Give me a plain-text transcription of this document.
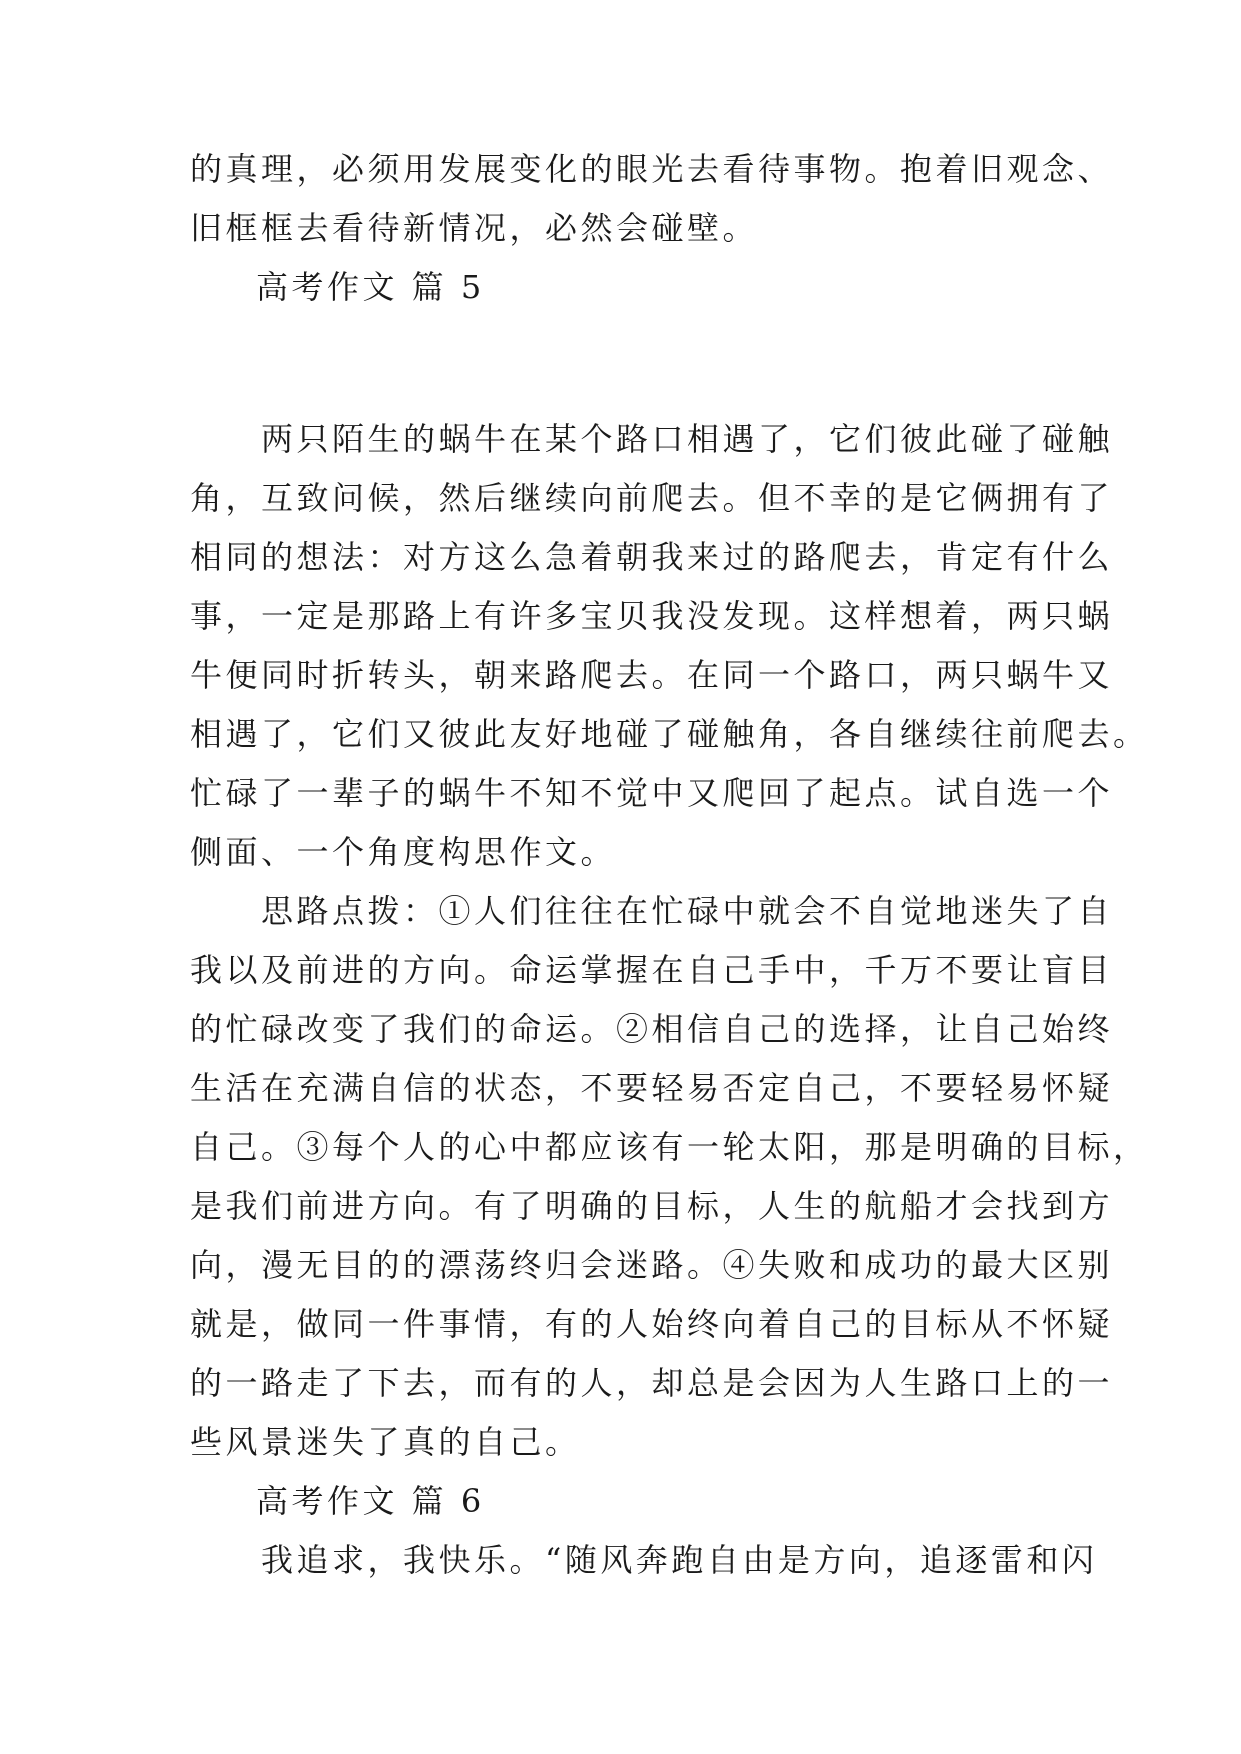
的真理，必须用发展变化的眼光去看待事物。抱着旧观念、
旧框框去看待新情况，必然会碰壁。
高考作文 篇 5
　　两只陌生的蜗牛在某个路口相遇了，它们彼此碰了碰触
角，互致问候，然后继续向前爬去。但不幸的是它俩拥有了
相同的想法：对方这么急着朝我来过的路爬去，肯定有什么
事，一定是那路上有许多宝贝我没发现。这样想着，两只蜗
牛便同时折转头，朝来路爬去。在同一个路口，两只蜗牛又
相遇了，它们又彼此友好地碰了碰触角，各自继续往前爬去。
忙碌了一辈子的蜗牛不知不觉中又爬回了起点。试自选一个
侧面、一个角度构思作文。
　　思路点拨：①人们往往在忙碌中就会不自觉地迷失了自
我以及前进的方向。命运掌握在自己手中，千万不要让盲目
的忙碌改变了我们的命运。②相信自己的选择，让自己始终
生活在充满自信的状态，不要轻易否定自己，不要轻易怀疑
自己。③每个人的心中都应该有一轮太阳，那是明确的目标，
是我们前进方向。有了明确的目标，人生的航船才会找到方
向，漫无目的的漂荡终归会迷路。④失败和成功的最大区别
就是，做同一件事情，有的人始终向着自己的目标从不怀疑
的一路走了下去，而有的人，却总是会因为人生路口上的一
些风景迷失了真的自己。
高考作文 篇 6
　　我追求，我快乐。“随风奔跑自由是方向，追逐雷和闪
